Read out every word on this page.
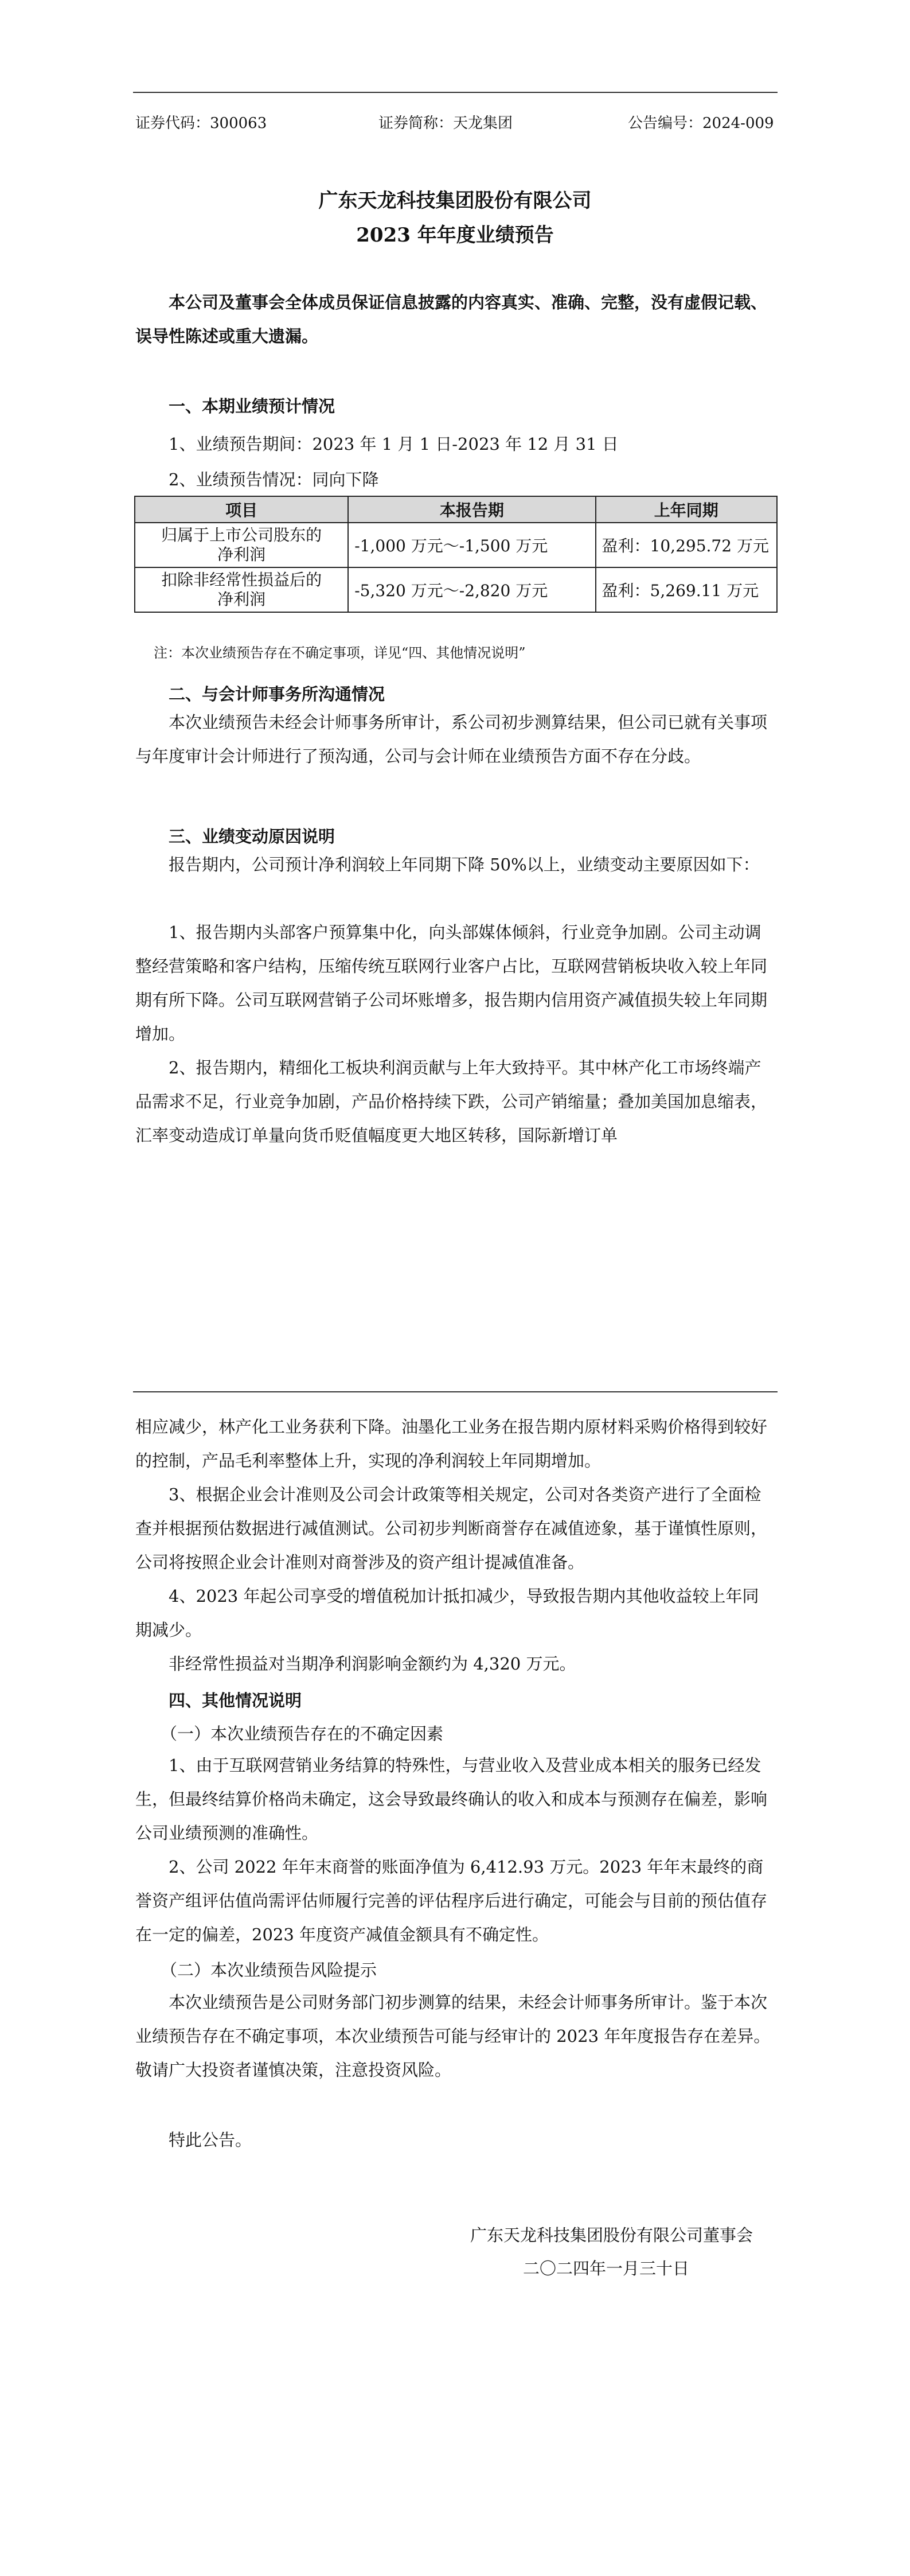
证券代码：300063	证券简称：天龙集团	公告编号：2024-009
广东天龙科技集团股份有限公司
2023 年年度业绩预告

本公司及董事会全体成员保证信息披露的内容真实、准确、完整，没有虚假记载、误导性陈述或重大遗漏。

一、本期业绩预计情况
1、业绩预告期间：2023 年 1 月 1 日-2023 年 12 月 31 日
2、业绩预告情况：同向下降
项目	本报告期	上年同期
归属于上市公司股东的
净利润	-1,000 万元～-1,500 万元	盈利：10,295.72 万元
扣除非经常性损益后的
净利润	-5,320 万元～-2,820 万元	盈利：5,269.11 万元
注：本次业绩预告存在不确定事项，详见“四、其他情况说明”
二、与会计师事务所沟通情况

本次业绩预告未经会计师事务所审计，系公司初步测算结果，但公司已就有关事项与年度审计会计师进行了预沟通，公司与会计师在业绩预告方面不存在分歧。

三、业绩变动原因说明

报告期内，公司预计净利润较上年同期下降 50%以上，业绩变动主要原因如下：

1、报告期内头部客户预算集中化，向头部媒体倾斜，行业竞争加剧。公司主动调整经营策略和客户结构，压缩传统互联网行业客户占比，互联网营销板块收入较上年同期有所下降。公司互联网营销子公司坏账增多，报告期内信用资产减值损失较上年同期增加。

2、报告期内，精细化工板块利润贡献与上年大致持平。其中林产化工市场终端产品需求不足，行业竞争加剧，产品价格持续下跌，公司产销缩量；叠加美国加息缩表，汇率变动造成订单量向货币贬值幅度更大地区转移，国际新增订单

相应减少，林产化工业务获利下降。油墨化工业务在报告期内原材料采购价格得到较好的控制，产品毛利率整体上升，实现的净利润较上年同期增加。

3、根据企业会计准则及公司会计政策等相关规定，公司对各类资产进行了全面检查并根据预估数据进行减值测试。公司初步判断商誉存在减值迹象，基于谨慎性原则，公司将按照企业会计准则对商誉涉及的资产组计提减值准备。

4、2023 年起公司享受的增值税加计抵扣减少，导致报告期内其他收益较上年同期减少。

非经常性损益对当期净利润影响金额约为 4,320 万元。

四、其他情况说明
（一）本次业绩预告存在的不确定因素

1、由于互联网营销业务结算的特殊性，与营业收入及营业成本相关的服务已经发生，但最终结算价格尚未确定，这会导致最终确认的收入和成本与预测存在偏差，影响公司业绩预测的准确性。

2、公司 2022 年年末商誉的账面净值为 6,412.93 万元。2023 年年末最终的商誉资产组评估值尚需评估师履行完善的评估程序后进行确定，可能会与目前的预估值存在一定的偏差，2023 年度资产减值金额具有不确定性。

（二）本次业绩预告风险提示

本次业绩预告是公司财务部门初步测算的结果，未经会计师事务所审计。鉴于本次业绩预告存在不确定事项，本次业绩预告可能与经审计的 2023 年年度报告存在差异。敬请广大投资者谨慎决策，注意投资风险。

特此公告。
广东天龙科技集团股份有限公司董事会
二〇二四年一月三十日
